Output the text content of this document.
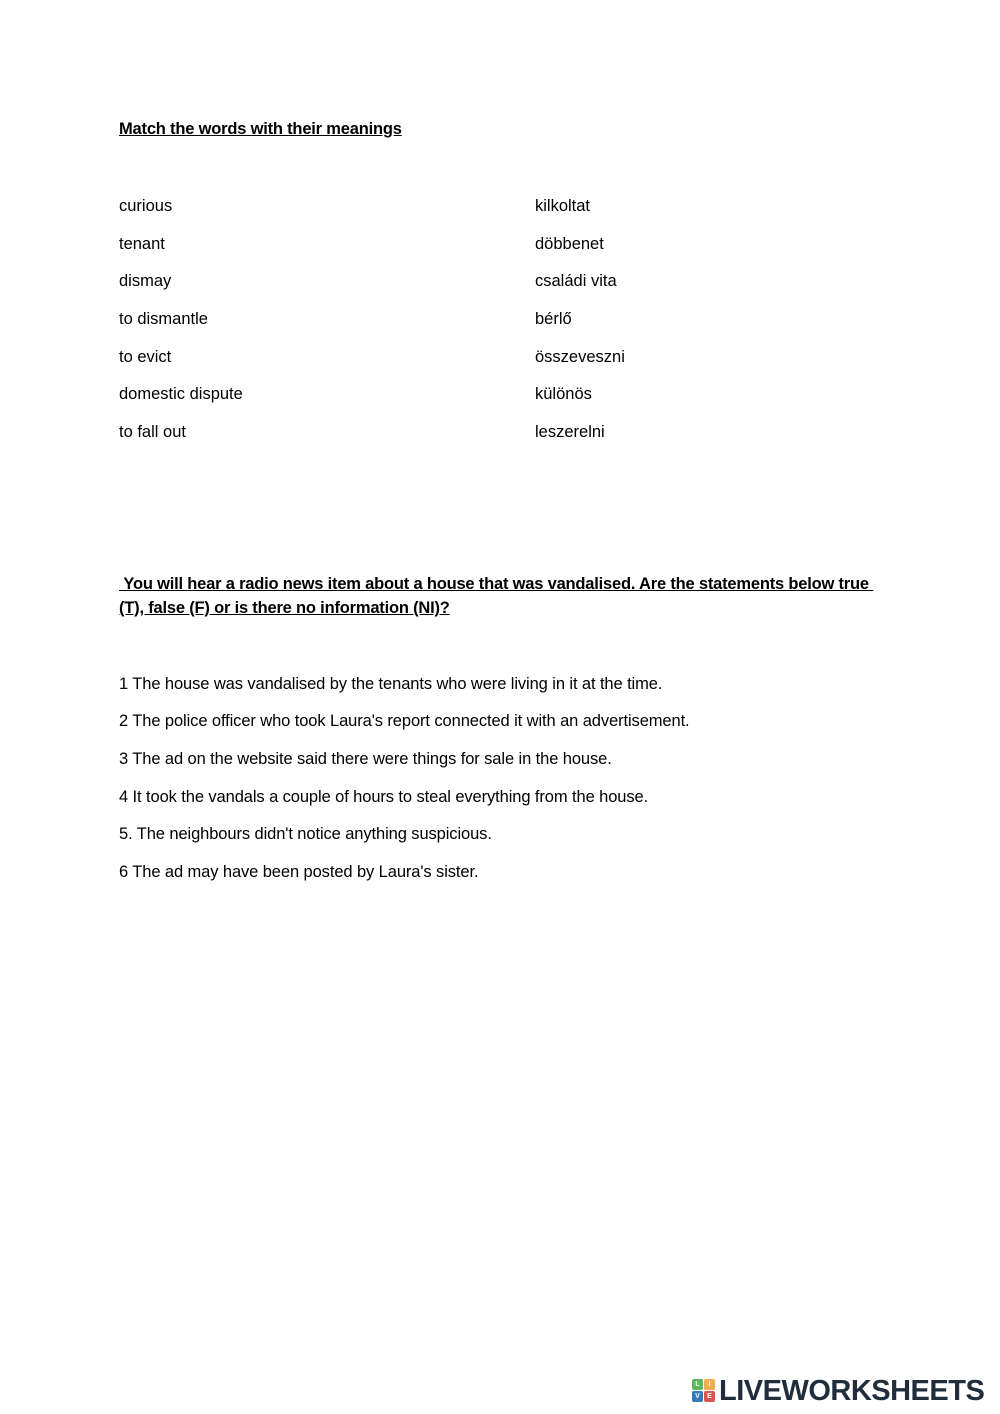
Match the words with their meanings
curious	kilkoltat
tenant	döbbenet
dismay	családi vita
to dismantle	bérlő
to evict	összeveszni
domestic dispute	különös
to fall out	leszerelni
You will hear a radio news item about a house that was vandalised. Are the statements below true (T), false (F) or is there no information (NI)?
1 The house was vandalised by the tenants who were living in it at the time.
2 The police officer who took Laura's report connected it with an advertisement.
3 The ad on the website said there were things for sale in the house.
4 It took the vandals a couple of hours to steal everything from the house.
5. The neighbours didn't notice anything suspicious.
6 The ad may have been posted by Laura's sister.
L	I
V	E LIVEWORKSHEETS
